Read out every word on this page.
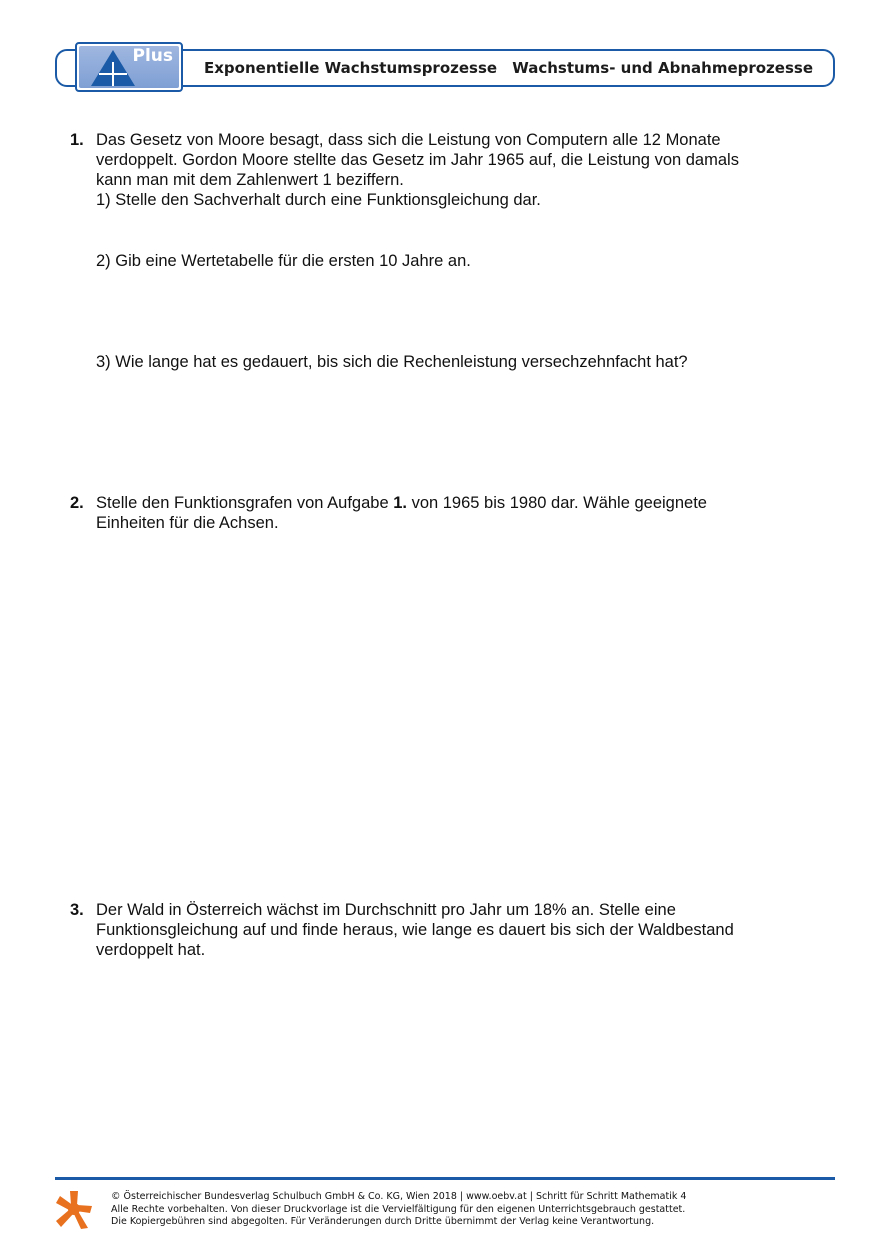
Plus
Exponentielle Wachstumsprozesse Wachstums- und Abnahmeprozesse
1. Das Gesetz von Moore besagt, dass sich die Leistung von Computern alle 12 Monate
verdoppelt. Gordon Moore stellte das Gesetz im Jahr 1965 auf, die Leistung von damals
kann man mit dem Zahlenwert 1 beziffern.
1) Stelle den Sachverhalt durch eine Funktionsgleichung dar.
2) Gib eine Wertetabelle für die ersten 10 Jahre an.
3) Wie lange hat es gedauert, bis sich die Rechenleistung versechzehnfacht hat?
2. Stelle den Funktionsgrafen von Aufgabe 1. von 1965 bis 1980 dar. Wähle geeignete
Einheiten für die Achsen.
3. Der Wald in Österreich wächst im Durchschnitt pro Jahr um 18% an. Stelle eine
Funktionsgleichung auf und finde heraus, wie lange es dauert bis sich der Waldbestand
verdoppelt hat.
© Österreichischer Bundesverlag Schulbuch GmbH & Co. KG, Wien 2018 | www.oebv.at | Schritt für Schritt Mathematik 4
Alle Rechte vorbehalten. Von dieser Druckvorlage ist die Vervielfältigung für den eigenen Unterrichtsgebrauch gestattet.
Die Kopiergebühren sind abgegolten. Für Veränderungen durch Dritte übernimmt der Verlag keine Verantwortung.
